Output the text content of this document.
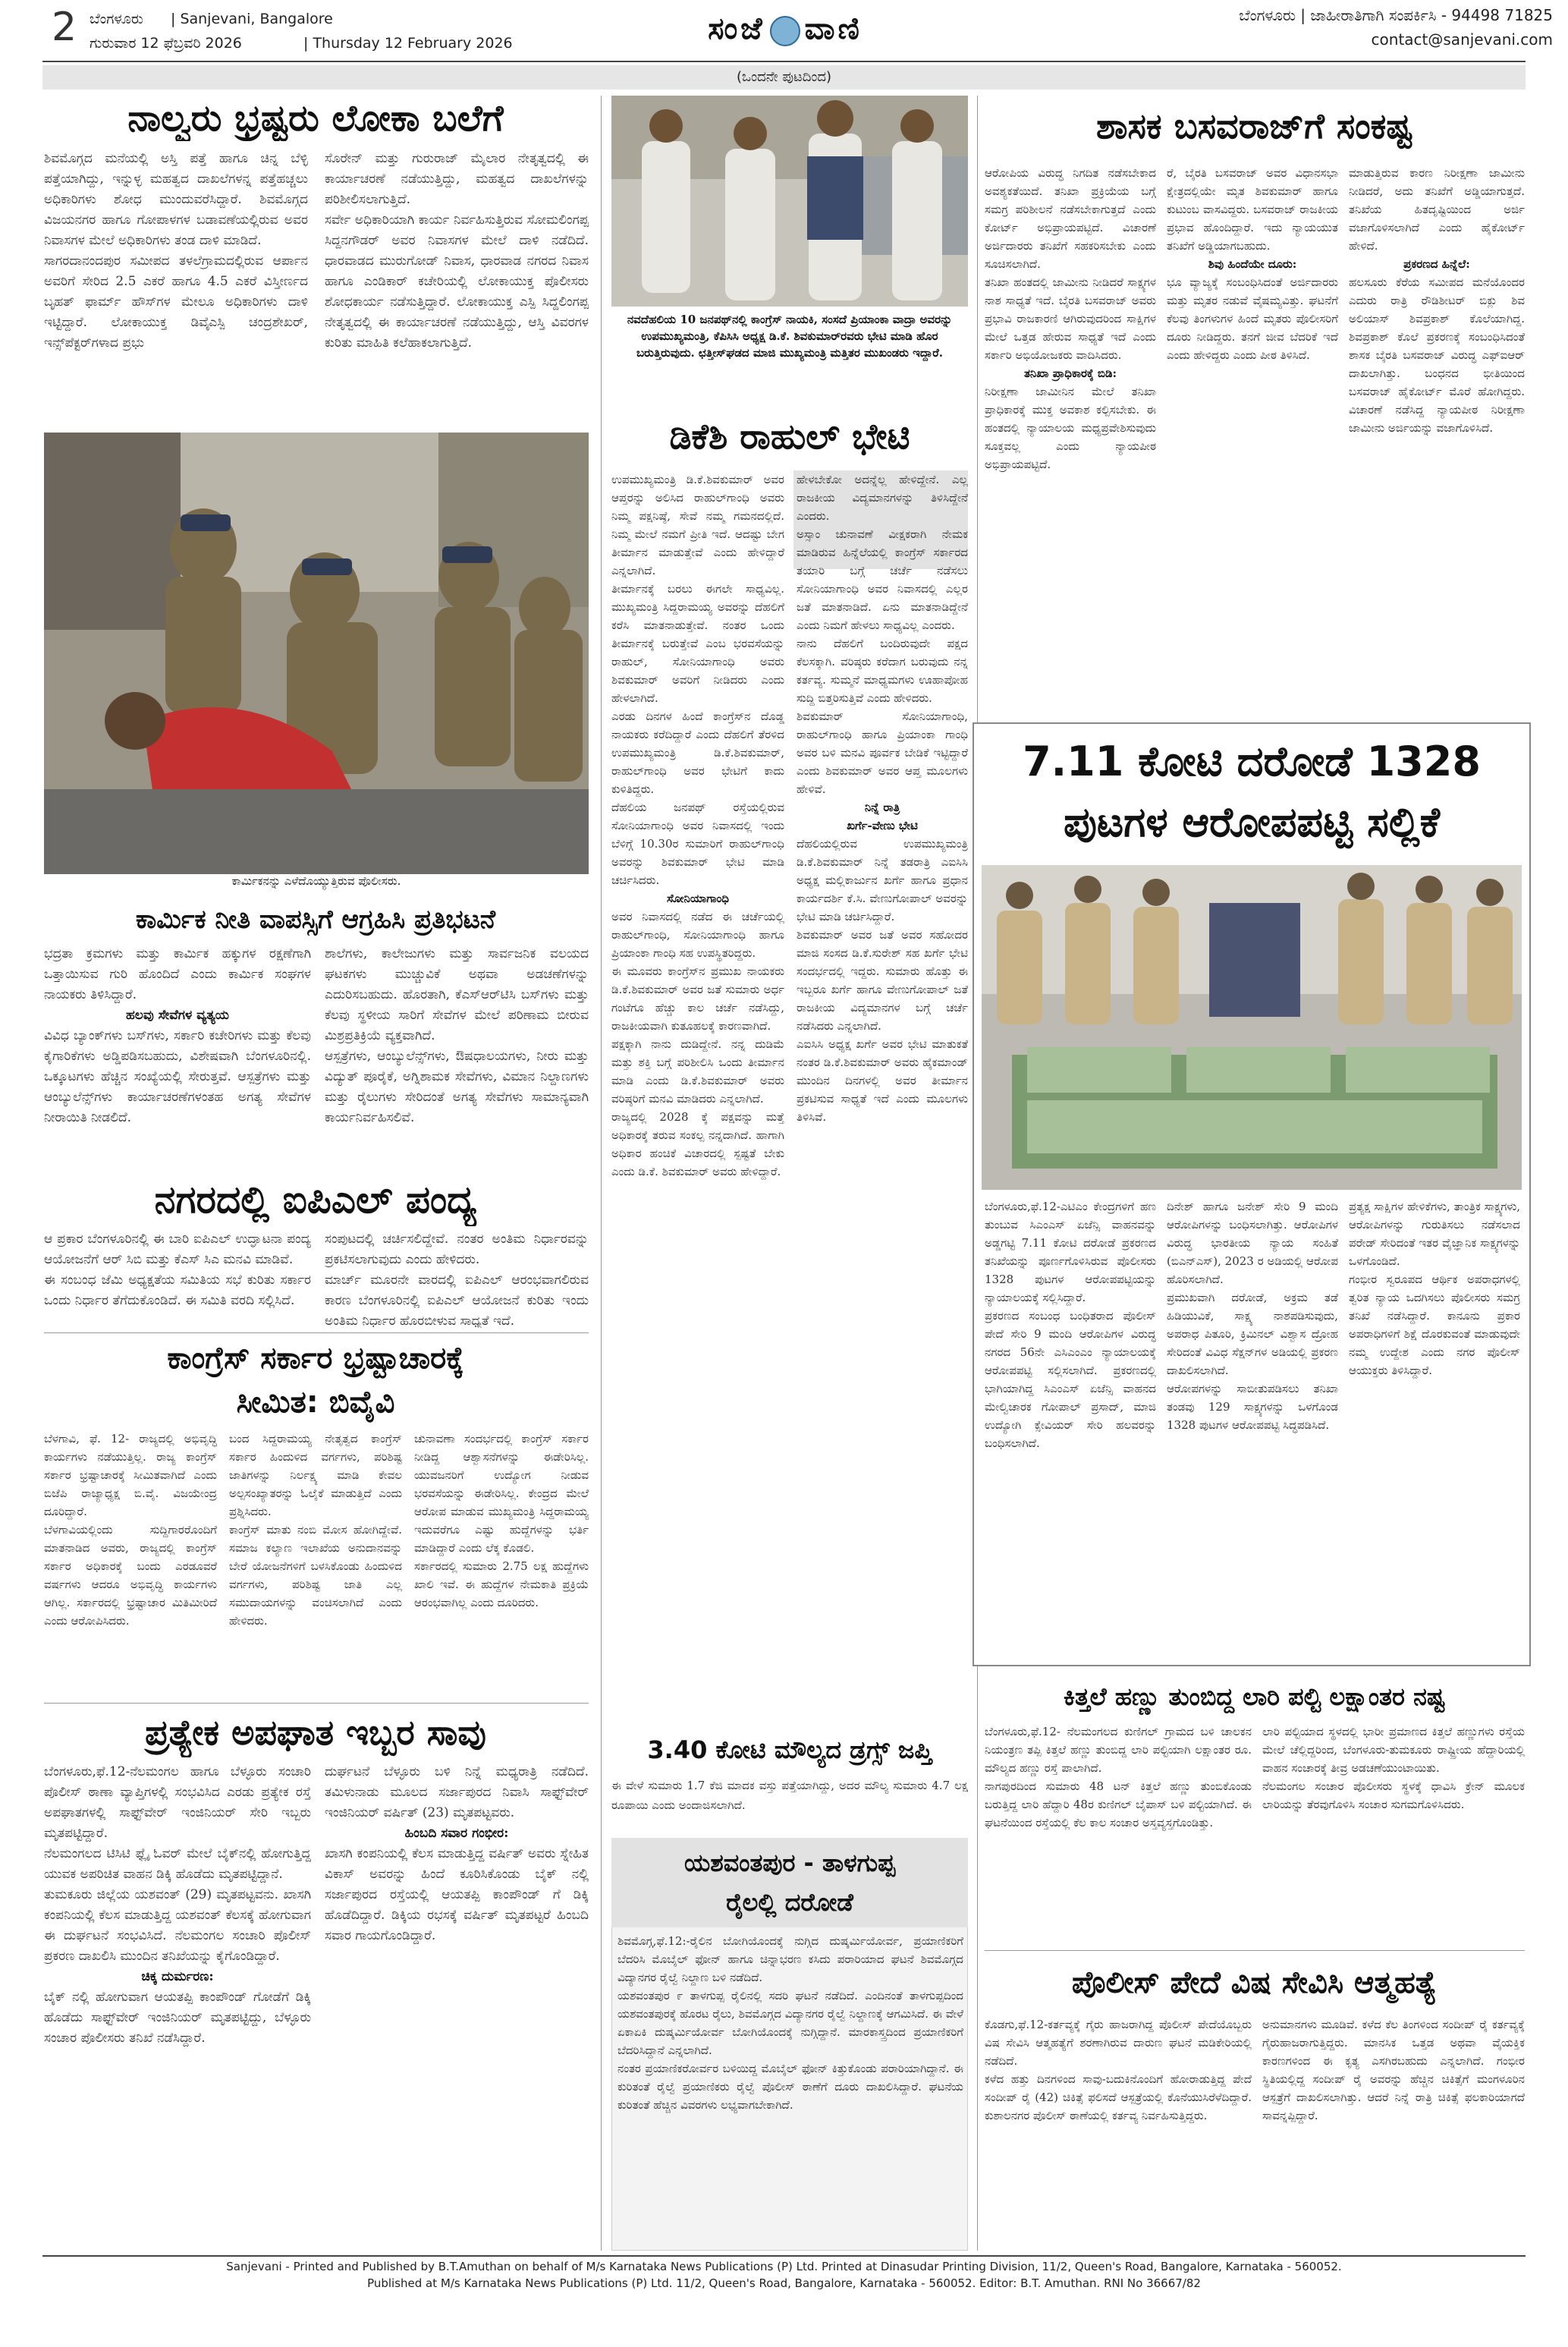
2 ಬೆಂಗಳೂರು | Sanjevani, Bangalore
ಗುರುವಾರ 12 ಫೆಬ್ರವರಿ 2026	| Thursday 12 February 2026	ಸಂಜೆ ವಾಣಿ	ಬೆಂಗಳೂರು | ಜಾಹೀರಾತಿಗಾಗಿ ಸಂಪರ್ಕಿಸಿ - 94498 71825
contact@sanjevani.com
(ಒಂದನೇ ಪುಟದಿಂದ)
ನಾಲ್ವರು ಭ್ರಷ್ಟರು ಲೋಕಾ ಬಲೆಗೆ

ಶಿವಮೊಗ್ಗದ ಮನೆಯಲ್ಲಿ ಅಸ್ತಿ ಪತ್ತೆ ಹಾಗೂ ಚಿನ್ನ ಬೆಳ್ಳಿ ಪತ್ತೆಯಾಗಿದ್ದು, ಇನ್ನುಳ್ಳ ಮಹತ್ವದ ದಾಖಲೆಗಳನ್ನ ಪತ್ತೆಹಚ್ಚಲು ಅಧಿಕಾರಿಗಳು ಶೋಧ ಮುಂದುವರೆಸಿದ್ದಾರೆ. ಶಿವಮೊಗ್ಗದ ವಿಜಯನಗರ ಹಾಗೂ ಗೋಪಾಳಗಳ ಬಡಾವಣೆಯಲ್ಲಿರುವ ಅವರ ನಿವಾಸಗಳ ಮೇಲೆ ಅಧಿಕಾರಿಗಳು ತಂಡ ದಾಳಿ ಮಾಡಿದೆ.

ಸಾಗರದಾನಂದಪುರ ಸಮೀಪದ ತಳಲೆಗ್ರಾಮದಲ್ಲಿರುವ ಆರ್ಪಾನ ಅವರಿಗೆ ಸೇರಿದ 2.5 ಎಕರೆ ಹಾಗೂ 4.5 ಎಕರೆ ವಿಸ್ತೀರ್ಣದ ಬೃಹತ್ ಫಾರ್ಮ್ ಹೌಸ್‌ಗಳ ಮೇಲೂ ಅಧಿಕಾರಿಗಳು ದಾಳಿ ಇಟ್ಟಿದ್ದಾರೆ. ಲೋಕಾಯುಕ್ತ ಡಿವೈಎಸ್ಪಿ ಚಂದ್ರಶೇಖರ್, ಇನ್ಸ್‌ಪೆಕ್ಟರ್‌ಗಳಾದ ಪ್ರಭು

ಸೊರೇನ್ ಮತ್ತು ಗುರುರಾಜ್ ಮೈಲಾರ ನೇತೃತ್ವದಲ್ಲಿ ಈ ಕಾರ್ಯಾಚರಣೆ ನಡೆಯುತ್ತಿದ್ದು, ಮಹತ್ವದ ದಾಖಲೆಗಳನ್ನು ಪರಿಶೀಲಿಸಲಾಗುತ್ತಿದೆ.

ಸರ್ವೇ ಅಧಿಕಾರಿಯಾಗಿ ಕಾರ್ಯ ನಿರ್ವಹಿಸುತ್ತಿರುವ ಸೋಮಲಿಂಗಪ್ಪ ಸಿದ್ದನಗೌಡರ್ ಅವರ ನಿವಾಸಗಳ ಮೇಲೆ ದಾಳಿ ನಡೆದಿದೆ. ಧಾರವಾಡದ ಮುರುಗೋಡ್ ನಿವಾಸ, ಧಾರವಾಡ ನಗರದ ನಿವಾಸ ಹಾಗೂ ಎಂಡಿಕಾರ್ ಕಚೇರಿಯಲ್ಲಿ ಲೋಕಾಯುಕ್ತ ಪೊಲೀಸರು ಶೋಧಕಾರ್ಯ ನಡೆಸುತ್ತಿದ್ದಾರೆ. ಲೋಕಾಯುಕ್ತ ಎಸ್ಪಿ ಸಿದ್ದಲಿಂಗಪ್ಪ ನೇತೃತ್ವದಲ್ಲಿ ಈ ಕಾರ್ಯಾಚರಣೆ ನಡೆಯುತ್ತಿದ್ದು, ಆಸ್ತಿ ವಿವರಗಳ ಕುರಿತು ಮಾಹಿತಿ ಕಲೆಹಾಕಲಾಗುತ್ತಿದೆ.

ಕಾರ್ಮಿಕನನ್ನು ಎಳೆದೊಯ್ಯುತ್ತಿರುವ ಪೊಲೀಸರು.
ಕಾರ್ಮಿಕ ನೀತಿ ವಾಪಸ್ಸಿಗೆ ಆಗ್ರಹಿಸಿ ಪ್ರತಿಭಟನೆ

ಭದ್ರತಾ ಕ್ರಮಗಳು ಮತ್ತು ಕಾರ್ಮಿಕ ಹಕ್ಕುಗಳ ರಕ್ಷಣೆಗಾಗಿ ಒತ್ತಾಯಿಸುವ ಗುರಿ ಹೊಂದಿದೆ ಎಂದು ಕಾರ್ಮಿಕ ಸಂಘಗಳ ನಾಯಕರು ತಿಳಿಸಿದ್ದಾರೆ.

ಹಲವು ಸೇವೆಗಳ ವ್ಯತ್ಯಯ

ವಿವಿಧ ಬ್ಯಾಂಕ್‌ಗಳು ಬಸ್‌ಗಳು, ಸರ್ಕಾರಿ ಕಚೇರಿಗಳು ಮತ್ತು ಕೆಲವು ಕೈಗಾರಿಕೆಗಳು ಅಡ್ಡಿಪಡಿಸಬಹುದು, ವಿಶೇಷವಾಗಿ ಬೆಂಗಳೂರಿನಲ್ಲಿ. ಒಕ್ಕೂಟಗಳು ಹೆಚ್ಚಿನ ಸಂಖ್ಯೆಯಲ್ಲಿ ಸೇರುತ್ತವೆ. ಆಸ್ಪತ್ರೆಗಳು ಮತ್ತು ಆಂಬ್ಯುಲೆನ್ಸ್‌ಗಳು ಕಾರ್ಯಾಚರಣೆಗಳಂತಹ ಅಗತ್ಯ ಸೇವೆಗಳ ನೀರಾಯಿತಿ ನೀಡಲಿದೆ.

ಶಾಲೆಗಳು, ಕಾಲೇಜುಗಳು ಮತ್ತು ಸಾರ್ವಜನಿಕ ವಲಯದ ಘಟಕಗಳು ಮುಚ್ಚುವಿಕೆ ಅಥವಾ ಅಡಚಣೆಗಳನ್ನು ಎದುರಿಸಬಹುದು. ಹೊರತಾಗಿ, ಕೆಎಸ್‌ಆರ್‌ಟಿಸಿ ಬಸ್‌ಗಳು ಮತ್ತು ಕೆಲವು ಸ್ಥಳೀಯ ಸಾರಿಗೆ ಸೇವೆಗಳ ಮೇಲೆ ಪರಿಣಾಮ ಬೀರುವ ಮಿಶ್ರಪ್ರತಿಕ್ರಿಯೆ ವ್ಯಕ್ತವಾಗಿದೆ.

ಆಸ್ಪತ್ರೆಗಳು, ಆಂಬ್ಯುಲೆನ್ಸ್‌ಗಳು, ಔಷಧಾಲಯಗಳು, ನೀರು ಮತ್ತು ವಿದ್ಯುತ್ ಪೂರೈಕೆ, ಅಗ್ನಿಶಾಮಕ ಸೇವೆಗಳು, ವಿಮಾನ ನಿಲ್ದಾಣಗಳು ಮತ್ತು ರೈಲುಗಳು ಸೇರಿದಂತೆ ಅಗತ್ಯ ಸೇವೆಗಳು ಸಾಮಾನ್ಯವಾಗಿ ಕಾರ್ಯನಿರ್ವಹಿಸಲಿವೆ.

ನಗರದಲ್ಲಿ ಐಪಿಎಲ್ ಪಂದ್ಯ

ಆ ಪ್ರಕಾರ ಬೆಂಗಳೂರಿನಲ್ಲಿ ಈ ಬಾರಿ ಐಪಿಎಲ್ ಉದ್ಘಾಟನಾ ಪಂದ್ಯ ಆಯೋಜನೆಗೆ ಆರ್ ಸಿಬಿ ಮತ್ತು ಕೆಎಸ್ ಸಿಎ ಮನವಿ ಮಾಡಿವೆ.

ಈ ಸಂಬಂಧ ಜೆಮಿ ಅಧ್ಯಕ್ಷತೆಯ ಸಮಿತಿಯ ಸಭೆ ಕುರಿತು ಸರ್ಕಾರ ಒಂದು ನಿರ್ಧಾರ ತೆಗೆದುಕೊಂಡಿದೆ. ಈ ಸಮಿತಿ ವರದಿ ಸಲ್ಲಿಸಿದೆ.

ಸಂಪುಟದಲ್ಲಿ ಚರ್ಚಿಸಲಿದ್ದೇವೆ. ನಂತರ ಅಂತಿಮ ನಿರ್ಧಾರವನ್ನು ಪ್ರಕಟಿಸಲಾಗುವುದು ಎಂದು ಹೇಳಿದರು.

ಮಾರ್ಚ್ ಮೂರನೇ ವಾರದಲ್ಲಿ ಐಪಿಎಲ್ ಆರಂಭವಾಗಲಿರುವ ಕಾರಣ ಬೆಂಗಳೂರಿನಲ್ಲಿ ಐಪಿಎಲ್ ಆಯೋಜನೆ ಕುರಿತು ಇಂದು ಅಂತಿಮ ನಿರ್ಧಾರ ಹೊರಬೀಳುವ ಸಾಧ್ಯತೆ ಇದೆ.

ಕಾಂಗ್ರೆಸ್ ಸರ್ಕಾರ ಭ್ರಷ್ಟಾಚಾರಕ್ಕೆ
ಸೀಮಿತ: ಬಿವೈವಿ

ಬೆಳಗಾವಿ, ಫೆ. 12- ರಾಜ್ಯದಲ್ಲಿ ಅಭಿವೃದ್ಧಿ ಕಾರ್ಯಗಳು ನಡೆಯುತ್ತಿಲ್ಲ. ರಾಜ್ಯ ಕಾಂಗ್ರೆಸ್ ಸರ್ಕಾರ ಭ್ರಷ್ಟಾಚಾರಕ್ಕೆ ಸೀಮಿತವಾಗಿದೆ ಎಂದು ಬಿಜೆಪಿ ರಾಜ್ಯಾಧ್ಯಕ್ಷ ಬಿ.ವೈ. ವಿಜಯೇಂದ್ರ ದೂರಿದ್ದಾರೆ.

ಬೆಳಗಾವಿಯಲ್ಲಿಂದು ಸುದ್ದಿಗಾರರೊಂದಿಗೆ ಮಾತನಾಡಿದ ಅವರು, ರಾಜ್ಯದಲ್ಲಿ ಕಾಂಗ್ರೆಸ್ ಸರ್ಕಾರ ಅಧಿಕಾರಕ್ಕೆ ಬಂದು ಎರಡೂವರೆ ವರ್ಷಗಳು ಆದರೂ ಅಭಿವೃದ್ಧಿ ಕಾರ್ಯಗಳು ಆಗಿಲ್ಲ. ಸರ್ಕಾರದಲ್ಲಿ ಭ್ರಷ್ಟಾಚಾರ ಮಿತಿಮೀರಿದೆ ಎಂದು ಆರೋಪಿಸಿದರು.

ಬಂದ ಸಿದ್ದರಾಮಯ್ಯ ನೇತೃತ್ವದ ಕಾಂಗ್ರೆಸ್ ಸರ್ಕಾರ ಹಿಂದುಳಿದ ವರ್ಗಗಳು, ಪರಿಶಿಷ್ಟ ಜಾತಿಗಳನ್ನು ನಿರ್ಲಕ್ಷ್ಯ ಮಾಡಿ ಕೇವಲ ಅಲ್ಪಸಂಖ್ಯಾತರನ್ನು ಓಲೈಕೆ ಮಾಡುತ್ತಿದೆ ಎಂದು ಪ್ರಶ್ನಿಸಿದರು.

ಕಾಂಗ್ರೆಸ್ ಮಾತು ನಂಬಿ ಮೋಸ ಹೋಗಿದ್ದೇವೆ. ಸಮಾಜ ಕಲ್ಯಾಣ ಇಲಾಖೆಯ ಅನುದಾನವನ್ನು ಬೇರೆ ಯೋಜನೆಗಳಿಗೆ ಬಳಸಿಕೊಂಡು ಹಿಂದುಳಿದ ವರ್ಗಗಳು, ಪರಿಶಿಷ್ಟ ಜಾತಿ ಎಲ್ಲ ಸಮುದಾಯಗಳನ್ನು ವಂಚಿಸಲಾಗಿದೆ ಎಂದು ಹೇಳಿದರು.

ಚುನಾವಣಾ ಸಂದರ್ಭದಲ್ಲಿ ಕಾಂಗ್ರೆಸ್ ಸರ್ಕಾರ ನೀಡಿದ್ದ ಆಶ್ವಾಸನೆಗಳನ್ನು ಈಡೇರಿಸಿಲ್ಲ. ಯುವಜನರಿಗೆ ಉದ್ಯೋಗ ನೀಡುವ ಭರವಸೆಯನ್ನು ಈಡೇರಿಸಿಲ್ಲ. ಕೇಂದ್ರದ ಮೇಲೆ ಆರೋಪ ಮಾಡುವ ಮುಖ್ಯಮಂತ್ರಿ ಸಿದ್ದರಾಮಯ್ಯ ಇದುವರೆಗೂ ಎಷ್ಟು ಹುದ್ದೆಗಳನ್ನು ಭರ್ತಿ ಮಾಡಿದ್ದಾರೆ ಎಂದು ಲೆಕ್ಕ ಕೊಡಲಿ.

ಸರ್ಕಾರದಲ್ಲಿ ಸುಮಾರು 2.75 ಲಕ್ಷ ಹುದ್ದೆಗಳು ಖಾಲಿ ಇವೆ. ಈ ಹುದ್ದೆಗಳ ನೇಮಕಾತಿ ಪ್ರಕ್ರಿಯೆ ಆರಂಭವಾಗಿಲ್ಲ ಎಂದು ದೂರಿದರು.

ಪ್ರತ್ಯೇಕ ಅಪಘಾತ ಇಬ್ಬರ ಸಾವು

ಬೆಂಗಳೂರು,ಫೆ.12-ನೆಲಮಂಗಲ ಹಾಗೂ ಬೆಳ್ಳೂರು ಸಂಚಾರಿ ಪೊಲೀಸ್ ಠಾಣಾ ವ್ಯಾಪ್ತಿಗಳಲ್ಲಿ ಸಂಭವಿಸಿದ ಎರಡು ಪ್ರತ್ಯೇಕ ರಸ್ತೆ ಅಪಘಾತಗಳಲ್ಲಿ ಸಾಫ್ಟ್‌ವೇರ್ ಇಂಜಿನಿಯರ್ ಸೇರಿ ಇಬ್ಬರು ಮೃತಪಟ್ಟಿದ್ದಾರೆ.

ನೆಲಮಂಗಲದ ಟಿಸಿಟಿ ಫ್ಲೈ ಓವರ್ ಮೇಲೆ ಬೈಕ್‌ನಲ್ಲಿ ಹೋಗುತ್ತಿದ್ದ ಯುವಕ ಅಪರಿಚಿತ ವಾಹನ ಡಿಕ್ಕಿ ಹೊಡೆದು ಮೃತಪಟ್ಟಿದ್ದಾನೆ.

ತುಮಕೂರು ಜಿಲ್ಲೆಯ ಯಶವಂತ್ (29) ಮೃತಪಟ್ಟವನು. ಖಾಸಗಿ ಕಂಪನಿಯಲ್ಲಿ ಕೆಲಸ ಮಾಡುತ್ತಿದ್ದ ಯಶವಂತ್ ಕೆಲಸಕ್ಕೆ ಹೋಗುವಾಗ ಈ ದುರ್ಘಟನೆ ಸಂಭವಿಸಿದೆ. ನೆಲಮಂಗಲ ಸಂಚಾರಿ ಪೊಲೀಸ್ ಪ್ರಕರಣ ದಾಖಲಿಸಿ ಮುಂದಿನ ತನಿಖೆಯನ್ನು ಕೈಗೊಂಡಿದ್ದಾರೆ.

ಚಿಕ್ಕ ದುರ್ಮರಣ:

ಬೈಕ್ ನಲ್ಲಿ ಹೋಗುವಾಗ ಆಯತಪ್ಪಿ ಕಾಂಪೌಂಡ್ ಗೋಡೆಗೆ ಡಿಕ್ಕಿ ಹೊಡೆದು ಸಾಫ್ಟ್‌ವೇರ್ ಇಂಜಿನಿಯರ್ ಮೃತಪಟ್ಟಿದ್ದು, ಬೆಳ್ಳೂರು ಸಂಚಾರ ಪೊಲೀಸರು ತನಿಖೆ ನಡೆಸಿದ್ದಾರೆ.

ದುರ್ಘಟನೆ ಬೆಳ್ಳೂರು ಬಳಿ ನಿನ್ನೆ ಮಧ್ಯರಾತ್ರಿ ನಡೆದಿದೆ. ತಮಿಳುನಾಡು ಮೂಲದ ಸರ್ಜಾಪುರದ ನಿವಾಸಿ ಸಾಫ್ಟ್‌ವೇರ್ ಇಂಜಿನಿಯರ್ ವರ್ಷಿತ್ (23) ಮೃತಪಟ್ಟವರು.

ಹಿಂಬದಿ ಸವಾರ ಗಂಭೀರ:

ಖಾಸಗಿ ಕಂಪನಿಯಲ್ಲಿ ಕೆಲಸ ಮಾಡುತ್ತಿದ್ದ ವರ್ಷಿತ್ ಅವರು ಸ್ನೇಹಿತ ವಿಕಾಸ್ ಅವರನ್ನು ಹಿಂದೆ ಕೂರಿಸಿಕೊಂಡು ಬೈಕ್ ನಲ್ಲಿ ಸರ್ಜಾಪುರದ ರಸ್ತೆಯಲ್ಲಿ ಆಯತಪ್ಪಿ ಕಾಂಪೌಂಡ್ ಗೆ ಡಿಕ್ಕಿ ಹೊಡೆದಿದ್ದಾರೆ. ಡಿಕ್ಕಿಯ ರಭಸಕ್ಕೆ ವರ್ಷಿತ್ ಮೃತಪಟ್ಟರೆ ಹಿಂಬದಿ ಸವಾರ ಗಾಯಗೊಂಡಿದ್ದಾರೆ.

ನವದೆಹಲಿಯ 10 ಜನಪಥ್‌ನಲ್ಲಿ ಕಾಂಗ್ರೆಸ್ ನಾಯಕಿ, ಸಂಸದೆ ಪ್ರಿಯಾಂಕಾ ವಾದ್ರಾ ಅವರನ್ನು ಉಪಮುಖ್ಯಮಂತ್ರಿ, ಕೆಪಿಸಿಸಿ ಅಧ್ಯಕ್ಷ ಡಿ.ಕೆ. ಶಿವಕುಮಾರ್‌ರವರು ಭೇಟಿ ಮಾಡಿ ಹೊರ ಬರುತ್ತಿರುವುದು. ಛತ್ತೀಸ್‌ಘಡದ ಮಾಜಿ ಮುಖ್ಯಮಂತ್ರಿ ಮತ್ತಿತರ ಮುಖಂಡರು ಇದ್ದಾರೆ.
ಡಿಕೆಶಿ ರಾಹುಲ್ ಭೇಟಿ

ಉಪಮುಖ್ಯಮಂತ್ರಿ ಡಿ.ಕೆ.ಶಿವಕುಮಾರ್ ಅವರ ಆಪ್ತರನ್ನು ಅಲಿಸಿದ ರಾಹುಲ್‌ಗಾಂಧಿ ಅವರು ನಿಮ್ಮ ಪಕ್ಷನಿಷ್ಠೆ, ಸೇವೆ ನಮ್ಮ ಗಮನದಲ್ಲಿದೆ. ನಿಮ್ಮ ಮೇಲೆ ನಮಗೆ ಪ್ರೀತಿ ಇದೆ. ಆದಷ್ಟು ಬೇಗ ತೀರ್ಮಾನ ಮಾಡುತ್ತೇವೆ ಎಂದು ಹೇಳಿದ್ದಾರೆ ಎನ್ನಲಾಗಿದೆ.

ತೀರ್ಮಾನಕ್ಕೆ ಬರಲು ಈಗಲೇ ಸಾಧ್ಯವಿಲ್ಲ. ಮುಖ್ಯಮಂತ್ರಿ ಸಿದ್ದರಾಮಯ್ಯ ಅವರನ್ನು ದೆಹಲಿಗೆ ಕರೆಸಿ ಮಾತನಾಡುತ್ತೇವೆ. ನಂತರ ಒಂದು ತೀರ್ಮಾನಕ್ಕೆ ಬರುತ್ತೇವೆ ಎಂಬ ಭರವಸೆಯನ್ನು ರಾಹುಲ್, ಸೋನಿಯಾಗಾಂಧಿ ಅವರು ಶಿವಕುಮಾರ್ ಅವರಿಗೆ ನೀಡಿದರು ಎಂದು ಹೇಳಲಾಗಿದೆ.

ಎರಡು ದಿನಗಳ ಹಿಂದೆ ಕಾಂಗ್ರೆಸ್‌ನ ದೊಡ್ಡ ನಾಯಕರು ಕರೆದಿದ್ದಾರೆ ಎಂದು ದೆಹಲಿಗೆ ತೆರಳಿದ ಉಪಮುಖ್ಯಮಂತ್ರಿ ಡಿ.ಕೆ.ಶಿವಕುಮಾರ್, ರಾಹುಲ್‌ಗಾಂಧಿ ಅವರ ಭೇಟಿಗೆ ಕಾದು ಕುಳಿತಿದ್ದರು.

ದೆಹಲಿಯ ಜನಪಥ್ ರಸ್ತೆಯಲ್ಲಿರುವ ಸೋನಿಯಾಗಾಂಧಿ ಅವರ ನಿವಾಸದಲ್ಲಿ ಇಂದು ಬೆಳಿಗ್ಗೆ 10.30ರ ಸುಮಾರಿಗೆ ರಾಹುಲ್‌ಗಾಂಧಿ ಅವರನ್ನು ಶಿವಕುಮಾರ್ ಭೇಟಿ ಮಾಡಿ ಚರ್ಚಿಸಿದರು.

ಸೋನಿಯಾಗಾಂಧಿ

ಅವರ ನಿವಾಸದಲ್ಲಿ ನಡೆದ ಈ ಚರ್ಚೆಯಲ್ಲಿ ರಾಹುಲ್‌ಗಾಂಧಿ, ಸೋನಿಯಾಗಾಂಧಿ ಹಾಗೂ ಪ್ರಿಯಾಂಕಾ ಗಾಂಧಿ ಸಹ ಉಪಸ್ಥಿತರಿದ್ದರು.

ಈ ಮೂವರು ಕಾಂಗ್ರೆಸ್‌ನ ಪ್ರಮುಖ ನಾಯಕರು ಡಿ.ಕೆ.ಶಿವಕುಮಾರ್ ಅವರ ಜತೆ ಸುಮಾರು ಅರ್ಧ ಗಂಟೆಗೂ ಹೆಚ್ಚು ಕಾಲ ಚರ್ಚೆ ನಡೆಸಿದ್ದು, ರಾಜಕೀಯವಾಗಿ ಕುತೂಹಲಕ್ಕೆ ಕಾರಣವಾಗಿದೆ.

ಪಕ್ಷಕ್ಕಾಗಿ ನಾನು ದುಡಿದ್ದೇನೆ. ನನ್ನ ದುಡಿಮೆ ಮತ್ತು ಶಕ್ತಿ ಬಗ್ಗೆ ಪರಿಶೀಲಿಸಿ ಒಂದು ತೀರ್ಮಾನ ಮಾಡಿ ಎಂದು ಡಿ.ಕೆ.ಶಿವಕುಮಾರ್ ಅವರು ವರಿಷ್ಠರಿಗೆ ಮನವಿ ಮಾಡಿದರು ಎನ್ನಲಾಗಿದೆ.

ರಾಜ್ಯದಲ್ಲಿ 2028 ಕ್ಕೆ ಪಕ್ಷವನ್ನು ಮತ್ತೆ ಅಧಿಕಾರಕ್ಕೆ ತರುವ ಸಂಕಲ್ಪ ನನ್ನದಾಗಿದೆ. ಹಾಗಾಗಿ ಅಧಿಕಾರ ಹಂಚಿಕೆ ವಿಚಾರದಲ್ಲಿ ಸ್ಪಷ್ಟತೆ ಬೇಕು ಎಂದು ಡಿ.ಕೆ. ಶಿವಕುಮಾರ್ ಅವರು ಹೇಳಿದ್ದಾರೆ.

ಹೇಳಬೇಕೋ ಅದನ್ನೆಲ್ಲ ಹೇಳಿದ್ದೇನೆ. ಎಲ್ಲ ರಾಜಕೀಯ ವಿದ್ಯಮಾನಗಳನ್ನು ತಿಳಿಸಿದ್ದೇನೆ ಎಂದರು.

ಅಸ್ಸಾಂ ಚುನಾವಣೆ ವೀಕ್ಷಕರಾಗಿ ನೇಮಕ ಮಾಡಿರುವ ಹಿನ್ನೆಲೆಯಲ್ಲಿ ಕಾಂಗ್ರೆಸ್ ಸರ್ಕಾರದ ತಯಾರಿ ಬಗ್ಗೆ ಚರ್ಚೆ ನಡೆಸಲು ಸೋನಿಯಾಗಾಂಧಿ ಅವರ ನಿವಾಸದಲ್ಲಿ ಎಲ್ಲರ ಜತೆ ಮಾತನಾಡಿದೆ. ಏನು ಮಾತನಾಡಿದ್ದೇನೆ ಎಂದು ನಿಮಗೆ ಹೇಳಲು ಸಾಧ್ಯವಿಲ್ಲ ಎಂದರು.

ನಾನು ದೆಹಲಿಗೆ ಬಂದಿರುವುದೇ ಪಕ್ಷದ ಕೆಲಸಕ್ಕಾಗಿ. ವರಿಷ್ಠರು ಕರೆದಾಗ ಬರುವುದು ನನ್ನ ಕರ್ತವ್ಯ. ಸುಮ್ಮನೆ ಮಾಧ್ಯಮಗಳು ಊಹಾಪೋಹ ಸುದ್ದಿ ಬಿತ್ತರಿಸುತ್ತಿವೆ ಎಂದು ಹೇಳಿದರು.

ಶಿವಕುಮಾರ್ ಸೋನಿಯಾಗಾಂಧಿ, ರಾಹುಲ್‌ಗಾಂಧಿ ಹಾಗೂ ಪ್ರಿಯಾಂಕಾ ಗಾಂಧಿ ಅವರ ಬಳಿ ಮನವಿ ಪೂರ್ವಕ ಬೇಡಿಕೆ ಇಟ್ಟಿದ್ದಾರೆ ಎಂದು ಶಿವಕುಮಾರ್ ಅವರ ಆಪ್ತ ಮೂಲಗಳು ಹೇಳಿವೆ.

ನಿನ್ನೆ ರಾತ್ರಿ
ಖರ್ಗೆ-ವೇಣು ಭೇಟಿ

ದೆಹಲಿಯಲ್ಲಿರುವ ಉಪಮುಖ್ಯಮಂತ್ರಿ ಡಿ.ಕೆ.ಶಿವಕುಮಾರ್ ನಿನ್ನೆ ತಡರಾತ್ರಿ ಎಐಸಿಸಿ ಅಧ್ಯಕ್ಷ ಮಲ್ಲಿಕಾರ್ಜುನ ಖರ್ಗೆ ಹಾಗೂ ಪ್ರಧಾನ ಕಾರ್ಯದರ್ಶಿ ಕೆ.ಸಿ. ವೇಣುಗೋಪಾಲ್ ಅವರನ್ನು ಭೇಟಿ ಮಾಡಿ ಚರ್ಚಿಸಿದ್ದಾರೆ.

ಶಿವಕುಮಾರ್ ಅವರ ಜತೆ ಅವರ ಸಹೋದರ ಮಾಜಿ ಸಂಸದ ಡಿ.ಕೆ.ಸುರೇಶ್ ಸಹ ಖರ್ಗೆ ಭೇಟಿ ಸಂದರ್ಭದಲ್ಲಿ ಇದ್ದರು. ಸುಮಾರು ಹೊತ್ತು ಈ ಇಬ್ಬರೂ ಖರ್ಗೆ ಹಾಗೂ ವೇಣುಗೋಪಾಲ್ ಜತೆ ರಾಜಕೀಯ ವಿದ್ಯಮಾನಗಳ ಬಗ್ಗೆ ಚರ್ಚೆ ನಡೆಸಿದರು ಎನ್ನಲಾಗಿದೆ.

ಎಐಸಿಸಿ ಅಧ್ಯಕ್ಷ ಖರ್ಗೆ ಅವರ ಭೇಟಿ ಮಾತುಕತೆ ನಂತರ ಡಿ.ಕೆ.ಶಿವಕುಮಾರ್ ಅವರು ಹೈಕಮಾಂಡ್ ಮುಂದಿನ ದಿನಗಳಲ್ಲಿ ಅವರ ತೀರ್ಮಾನ ಪ್ರಕಟಿಸುವ ಸಾಧ್ಯತೆ ಇದೆ ಎಂದು ಮೂಲಗಳು ತಿಳಿಸಿವೆ.

3.40 ಕೋಟಿ ಮೌಲ್ಯದ ಡ್ರಗ್ಸ್ ಜಪ್ತಿ
ಈ ವೇಳೆ ಸುಮಾರು 1.7 ಕೆಜಿ ಮಾದಕ ವಸ್ತು ಪತ್ತೆಯಾಗಿದ್ದು, ಅದರ ಮೌಲ್ಯ ಸುಮಾರು 4.7 ಲಕ್ಷ ರೂಪಾಯಿ ಎಂದು ಅಂದಾಜಿಸಲಾಗಿದೆ.
ಯಶವಂತಪುರ - ತಾಳಗುಪ್ಪ
ರೈಲಲ್ಲಿ ದರೋಡೆ

ಶಿವಮೊಗ್ಗ,ಫೆ.12:-ರೈಲಿನ ಬೋಗಿಯೊಂದಕ್ಕೆ ನುಗ್ಗಿದ ದುಷ್ಕರ್ಮಿಯೋರ್ವ, ಪ್ರಯಾಣಿಕರಿಗೆ ಬೆದರಿಸಿ ಮೊಬೈಲ್ ಫೋನ್ ಹಾಗೂ ಚಿನ್ನಾಭರಣ ಕಸಿದು ಪರಾರಿಯಾದ ಘಟನೆ ಶಿವಮೊಗ್ಗದ ವಿದ್ಯಾನಗರ ರೈಲ್ವೆ ನಿಲ್ದಾಣ ಬಳಿ ನಡೆದಿದೆ.

ಯಶವಂತಪುರ ೯ ತಾಳಗುಪ್ಪ ರೈಲಿನಲ್ಲಿ ಸದರಿ ಘಟನೆ ನಡೆದಿದೆ. ಎಂದಿನಂತೆ ತಾಳಗುಪ್ಪದಿಂದ ಯಶವಂತಪುರಕ್ಕೆ ಹೊರಟ ರೈಲು, ಶಿವಮೊಗ್ಗದ ವಿದ್ಯಾನಗರ ರೈಲ್ವೆ ನಿಲ್ದಾಣಕ್ಕೆ ಆಗಮಿಸಿದೆ. ಈ ವೇಳೆ ಏಕಾಏಕಿ ದುಷ್ಕರ್ಮಿಯೋರ್ವ ಬೋಗಿಯೊಂದಕ್ಕೆ ನುಗ್ಗಿದ್ದಾನೆ. ಮಾರಕಾಸ್ತ್ರದಿಂದ ಪ್ರಯಾಣಿಕರಿಗೆ ಬೆದರಿಸಿದ್ದಾನೆ ಎನ್ನಲಾಗಿದೆ.

ನಂತರ ಪ್ರಯಾಣಿಕರೋರ್ವರ ಬಳಿಯಿದ್ದ ಮೊಬೈಲ್ ಫೋನ್ ಕಿತ್ತುಕೊಂಡು ಪರಾರಿಯಾಗಿದ್ದಾನೆ. ಈ ಕುರಿತಂತೆ ರೈಲ್ವೆ ಪ್ರಯಾಣಿಕರು ರೈಲ್ವೆ ಪೊಲೀಸ್ ಠಾಣೆಗೆ ದೂರು ದಾಖಲಿಸಿದ್ದಾರೆ. ಘಟನೆಯ ಕುರಿತಂತೆ ಹೆಚ್ಚಿನ ವಿವರಗಳು ಲಭ್ಯವಾಗಬೇಕಾಗಿದೆ.

ಶಾಸಕ ಬಸವರಾಜ್‌ಗೆ ಸಂಕಷ್ಟ

ಆರೋಪಿಯ ವಿರುದ್ಧ ನಿಗದಿತ ನಡೆಸಬೇಕಾದ ಅವಶ್ಯಕತೆಯಿದೆ. ತನಿಖಾ ಪ್ರಕ್ರಿಯೆಯ ಬಗ್ಗೆ ಸಮಗ್ರ ಪರಿಶೀಲನೆ ನಡೆಸಬೇಕಾಗುತ್ತದೆ ಎಂದು ಕೋರ್ಟ್ ಅಭಿಪ್ರಾಯಪಟ್ಟಿದೆ. ವಿಚಾರಣೆ ಅರ್ಜಿದಾರರು ತನಿಖೆಗೆ ಸಹಕರಿಸಬೇಕು ಎಂದು ಸೂಚಿಸಲಾಗಿದೆ.

ತನಿಖಾ ಹಂತದಲ್ಲಿ ಜಾಮೀನು ನೀಡಿದರೆ ಸಾಕ್ಷ್ಯಗಳ ನಾಶ ಸಾಧ್ಯತೆ ಇದೆ. ಬೈರತಿ ಬಸವರಾಜ್ ಅವರು ಪ್ರಭಾವಿ ರಾಜಕಾರಣಿ ಆಗಿರುವುದರಿಂದ ಸಾಕ್ಷಿಗಳ ಮೇಲೆ ಒತ್ತಡ ಹೇರುವ ಸಾಧ್ಯತೆ ಇದೆ ಎಂದು ಸರ್ಕಾರಿ ಅಭಿಯೋಜಕರು ವಾದಿಸಿದರು.

ತನಿಖಾ ಪ್ರಾಧಿಕಾರಕ್ಕೆ ಬಿಡಿ:

ನಿರೀಕ್ಷಣಾ ಜಾಮೀನಿನ ಮೇಲೆ ತನಿಖಾ ಪ್ರಾಧಿಕಾರಕ್ಕೆ ಮುಕ್ತ ಅವಕಾಶ ಕಲ್ಪಿಸಬೇಕು. ಈ ಹಂತದಲ್ಲಿ ನ್ಯಾಯಾಲಯ ಮಧ್ಯಪ್ರವೇಶಿಸುವುದು ಸೂಕ್ತವಲ್ಲ ಎಂದು ನ್ಯಾಯಪೀಠ ಅಭಿಪ್ರಾಯಪಟ್ಟಿದೆ.

ರೆ, ಬೈರತಿ ಬಸವರಾಜ್ ಅವರ ವಿಧಾನಸಭಾ ಕ್ಷೇತ್ರದಲ್ಲಿಯೇ ಮೃತ ಶಿವಕುಮಾರ್ ಹಾಗೂ ಕುಟುಂಬ ವಾಸವಿದ್ದರು. ಬಸವರಾಜ್ ರಾಜಕೀಯ ಪ್ರಭಾವ ಹೊಂದಿದ್ದಾರೆ. ಇದು ನ್ಯಾಯಯುತ ತನಿಖೆಗೆ ಅಡ್ಡಿಯಾಗಬಹುದು.

ಶಿವು ಹಿಂದೆಯೇ ದೂರು:

ಭೂ ವ್ಯಾಜ್ಯಕ್ಕೆ ಸಂಬಂಧಿಸಿದಂತೆ ಅರ್ಜಿದಾರರು ಮತ್ತು ಮೃತರ ನಡುವೆ ವೈಷಮ್ಯವಿತ್ತು. ಘಟನೆಗೆ ಕೆಲವು ತಿಂಗಳುಗಳ ಹಿಂದೆ ಮೃತರು ಪೊಲೀಸರಿಗೆ ದೂರು ನೀಡಿದ್ದರು. ತನಗೆ ಜೀವ ಬೆದರಿಕೆ ಇದೆ ಎಂದು ಹೇಳಿದ್ದರು ಎಂದು ಪೀಠ ತಿಳಿಸಿದೆ.

ಮಾಡುತ್ತಿರುವ ಕಾರಣ ನಿರೀಕ್ಷಣಾ ಜಾಮೀನು ನೀಡಿದರೆ, ಅದು ತನಿಖೆಗೆ ಅಡ್ಡಿಯಾಗುತ್ತದೆ. ತನಿಖೆಯ ಹಿತದೃಷ್ಟಿಯಿಂದ ಅರ್ಜಿ ವಜಾಗೊಳಿಸಲಾಗಿದೆ ಎಂದು ಹೈಕೋರ್ಟ್ ಹೇಳಿದೆ.

ಪ್ರಕರಣದ ಹಿನ್ನೆಲೆ:

ಹಲಸೂರು ಕೆರೆಯ ಸಮೀಪದ ಮನೆಯೊಂದರ ಎದುರು ರಾತ್ರಿ ರೌಡಿಶೀಟರ್ ಬಿಕ್ಲು ಶಿವ ಅಲಿಯಾಸ್ ಶಿವಪ್ರಕಾಶ್ ಕೊಲೆಯಾಗಿದ್ದ. ಶಿವಪ್ರಕಾಶ್ ಕೊಲೆ ಪ್ರಕರಣಕ್ಕೆ ಸಂಬಂಧಿಸಿದಂತೆ ಶಾಸಕ ಬೈರತಿ ಬಸವರಾಜ್ ವಿರುದ್ಧ ಎಫ್‌ಐಆರ್ ದಾಖಲಾಗಿತ್ತು. ಬಂಧನದ ಭೀತಿಯಿಂದ ಬಸವರಾಜ್ ಹೈಕೋರ್ಟ್ ಮೊರೆ ಹೋಗಿದ್ದರು. ವಿಚಾರಣೆ ನಡೆಸಿದ್ದ ನ್ಯಾಯಪೀಠ ನಿರೀಕ್ಷಣಾ ಜಾಮೀನು ಅರ್ಜಿಯನ್ನು ವಜಾಗೊಳಿಸಿದೆ.

7.11 ಕೋಟಿ ದರೋಡೆ 1328
ಪುಟಗಳ ಆರೋಪಪಟ್ಟಿ ಸಲ್ಲಿಕೆ

ಬೆಂಗಳೂರು,ಫೆ.12-ಎಟಿಎಂ ಕೇಂದ್ರಗಳಿಗೆ ಹಣ ತುಂಬುವ ಸಿಎಂಎಸ್ ಏಜೆನ್ಸಿ ವಾಹನವನ್ನು ಅಡ್ಡಗಟ್ಟಿ 7.11 ಕೋಟಿ ದರೋಡೆ ಪ್ರಕರಣದ ತನಿಖೆಯನ್ನು ಪೂರ್ಣಗೊಳಿಸಿರುವ ಪೊಲೀಸರು 1328 ಪುಟಗಳ ಆರೋಪಪಟ್ಟಿಯನ್ನು ನ್ಯಾಯಾಲಯಕ್ಕೆ ಸಲ್ಲಿಸಿದ್ದಾರೆ.

ಪ್ರಕರಣದ ಸಂಬಂಧ ಬಂಧಿತರಾದ ಪೊಲೀಸ್ ಪೇದೆ ಸೇರಿ 9 ಮಂದಿ ಆರೋಪಿಗಳ ವಿರುದ್ಧ ನಗರದ 56ನೇ ಎಸಿಎಂಎಂ ನ್ಯಾಯಾಲಯಕ್ಕೆ ಆರೋಪಪಟ್ಟಿ ಸಲ್ಲಿಸಲಾಗಿದೆ. ಪ್ರಕರಣದಲ್ಲಿ ಭಾಗಿಯಾಗಿದ್ದ ಸಿಎಂಎಸ್ ಏಜೆನ್ಸಿ ವಾಹನದ ಮೇಲ್ವಿಚಾರಕ ಗೋಪಾಲ್ ಪ್ರಸಾದ್, ಮಾಜಿ ಉದ್ಯೋಗಿ ಕ್ಸೇವಿಯರ್ ಸೇರಿ ಹಲವರನ್ನು ಬಂಧಿಸಲಾಗಿದೆ.

ದಿನೇಶ್ ಹಾಗೂ ಜನೇಶ್ ಸೇರಿ 9 ಮಂದಿ ಆರೋಪಿಗಳನ್ನು ಬಂಧಿಸಲಾಗಿತ್ತು. ಆರೋಪಿಗಳ ವಿರುದ್ಧ ಭಾರತೀಯ ನ್ಯಾಯ ಸಂಹಿತೆ (ಬಿಎನ್ಎಸ್), 2023 ರ ಅಡಿಯಲ್ಲಿ ಆರೋಪ ಹೊರಿಸಲಾಗಿದೆ.

ಪ್ರಮುಖವಾಗಿ ದರೋಡೆ, ಅಕ್ರಮ ತಡೆ ಹಿಡಿಯುವಿಕೆ, ಸಾಕ್ಷ್ಯ ನಾಶಪಡಿಸುವುದು, ಅಪರಾಧ ಪಿತೂರಿ, ಕ್ರಿಮಿನಲ್ ವಿಶ್ವಾಸ ದ್ರೋಹ ಸೇರಿದಂತೆ ವಿವಿಧ ಸೆಕ್ಷನ್‌ಗಳ ಅಡಿಯಲ್ಲಿ ಪ್ರಕರಣ ದಾಖಲಿಸಲಾಗಿದೆ.

ಆರೋಪಗಳನ್ನು ಸಾಬೀತುಪಡಿಸಲು ತನಿಖಾ ತಂಡವು 129 ಸಾಕ್ಷ್ಯಗಳನ್ನು ಒಳಗೊಂಡ 1328 ಪುಟಗಳ ಆರೋಪಪಟ್ಟಿ ಸಿದ್ಧಪಡಿಸಿದೆ.

ಪ್ರತ್ಯಕ್ಷ ಸಾಕ್ಷಿಗಳ ಹೇಳಿಕೆಗಳು, ತಾಂತ್ರಿಕ ಸಾಕ್ಷ್ಯಗಳು, ಆರೋಪಿಗಳನ್ನು ಗುರುತಿಸಲು ನಡೆಸಲಾದ ಪರೇಡ್ ಸೇರಿದಂತೆ ಇತರ ವೈಜ್ಞಾನಿಕ ಸಾಕ್ಷ್ಯಗಳನ್ನು ಒಳಗೊಂಡಿದೆ.

ಗಂಭೀರ ಸ್ವರೂಪದ ಆರ್ಥಿಕ ಅಪರಾಧಗಳಲ್ಲಿ ತ್ವರಿತ ನ್ಯಾಯ ಒದಗಿಸಲು ಪೊಲೀಸರು ಸಮಗ್ರ ತನಿಖೆ ನಡೆಸಿದ್ದಾರೆ. ಕಾನೂನು ಪ್ರಕಾರ ಅಪರಾಧಿಗಳಿಗೆ ಶಿಕ್ಷೆ ದೊರಕುವಂತೆ ಮಾಡುವುದೇ ನಮ್ಮ ಉದ್ದೇಶ ಎಂದು ನಗರ ಪೊಲೀಸ್ ಆಯುಕ್ತರು ತಿಳಿಸಿದ್ದಾರೆ.

ಕಿತ್ತಲೆ ಹಣ್ಣು ತುಂಬಿದ್ದ ಲಾರಿ ಪಲ್ಟಿ ಲಕ್ಷಾಂತರ ನಷ್ಟ

ಬೆಂಗಳೂರು,ಫೆ.12- ನೆಲಮಂಗಲದ ಕುಣಿಗಲ್ ಗ್ರಾಮದ ಬಳಿ ಚಾಲಕನ ನಿಯಂತ್ರಣ ತಪ್ಪಿ ಕಿತ್ತಲೆ ಹಣ್ಣು ತುಂಬಿದ್ದ ಲಾರಿ ಪಲ್ಟಿಯಾಗಿ ಲಕ್ಷಾಂತರ ರೂ. ಮೌಲ್ಯದ ಹಣ್ಣು ರಸ್ತೆ ಪಾಲಾಗಿದೆ.

ನಾಗಪುರದಿಂದ ಸುಮಾರು 48 ಟನ್ ಕಿತ್ತಲೆ ಹಣ್ಣು ತುಂಬಿಕೊಂಡು ಬರುತ್ತಿದ್ದ ಲಾರಿ ಹೆದ್ದಾರಿ 48ರ ಕುಣಿಗಲ್ ಬೈಪಾಸ್ ಬಳಿ ಪಲ್ಟಿಯಾಗಿದೆ. ಈ ಘಟನೆಯಿಂದ ರಸ್ತೆಯಲ್ಲಿ ಕೆಲ ಕಾಲ ಸಂಚಾರ ಅಸ್ತವ್ಯಸ್ತಗೊಂಡಿತ್ತು.

ಲಾರಿ ಪಲ್ಟಿಯಾದ ಸ್ಥಳದಲ್ಲಿ ಭಾರೀ ಪ್ರಮಾಣದ ಕಿತ್ತಲೆ ಹಣ್ಣುಗಳು ರಸ್ತೆಯ ಮೇಲೆ ಚೆಲ್ಲಿದ್ದರಿಂದ, ಬೆಂಗಳೂರು-ತುಮಕೂರು ರಾಷ್ಟ್ರೀಯ ಹೆದ್ದಾರಿಯಲ್ಲಿ ವಾಹನ ಸಂಚಾರಕ್ಕೆ ತೀವ್ರ ಅಡಚಣೆಯುಂಟಾಯಿತು.

ನೆಲಮಂಗಲ ಸಂಚಾರ ಪೊಲೀಸರು ಸ್ಥಳಕ್ಕೆ ಧಾವಿಸಿ ಕ್ರೇನ್ ಮೂಲಕ ಲಾರಿಯನ್ನು ತೆರವುಗೊಳಿಸಿ ಸಂಚಾರ ಸುಗಮಗೊಳಿಸಿದರು.

ಪೊಲೀಸ್ ಪೇದೆ ವಿಷ ಸೇವಿಸಿ ಆತ್ಮಹತ್ಯೆ

ಕೊಡಗು,ಫೆ.12-ಕರ್ತವ್ಯಕ್ಕೆ ಗೈರು ಹಾಜರಾಗಿದ್ದ ಪೊಲೀಸ್ ಪೇದೆಯೊಬ್ಬರು ವಿಷ ಸೇವಿಸಿ ಆತ್ಮಹತ್ಯೆಗೆ ಶರಣಾಗಿರುವ ದಾರುಣ ಘಟನೆ ಮಡಿಕೇರಿಯಲ್ಲಿ ನಡೆದಿದೆ.

ಕಳೆದ ಹತ್ತು ದಿನಗಳಿಂದ ಸಾವು-ಬದುಕಿನೊಂದಿಗೆ ಹೋರಾಡುತ್ತಿದ್ದ ಪೇದೆ ಸಂದೀಪ್ ರೈ (42) ಚಿಕಿತ್ಸೆ ಫಲಿಸದೆ ಆಸ್ಪತ್ರೆಯಲ್ಲಿ ಕೊನೆಯುಸಿರೆಳೆದಿದ್ದಾರೆ. ಕುಶಾಲನಗರ ಪೊಲೀಸ್ ಠಾಣೆಯಲ್ಲಿ ಕರ್ತವ್ಯ ನಿರ್ವಹಿಸುತ್ತಿದ್ದರು.

ಅನುಮಾನಗಳು ಮೂಡಿವೆ. ಕಳೆದ ಕೆಲ ತಿಂಗಳಿಂದ ಸಂದೀಪ್ ರೈ ಕರ್ತವ್ಯಕ್ಕೆ ಗೈರುಹಾಜರಾಗುತ್ತಿದ್ದರು. ಮಾನಸಿಕ ಒತ್ತಡ ಅಥವಾ ವೈಯಕ್ತಿಕ ಕಾರಣಗಳಿಂದ ಈ ಕೃತ್ಯ ಎಸಗಿರಬಹುದು ಎನ್ನಲಾಗಿದೆ. ಗಂಭೀರ ಸ್ಥಿತಿಯಲ್ಲಿದ್ದ ಸಂದೀಪ್ ರೈ ಅವರನ್ನು ಹೆಚ್ಚಿನ ಚಿಕಿತ್ಸೆಗೆ ಮಂಗಳೂರಿನ ಆಸ್ಪತ್ರೆಗೆ ದಾಖಲಿಸಲಾಗಿತ್ತು. ಆದರೆ ನಿನ್ನೆ ರಾತ್ರಿ ಚಿಕಿತ್ಸೆ ಫಲಕಾರಿಯಾಗದೆ ಸಾವನ್ನಪ್ಪಿದ್ದಾರೆ.

Sanjevani - Printed and Published by B.T.Amuthan on behalf of M/s Karnataka News Publications (P) Ltd. Printed at Dinasudar Printing Division, 11/2, Queen's Road, Bangalore, Karnataka - 560052.
Published at M/s Karnataka News Publications (P) Ltd. 11/2, Queen's Road, Bangalore, Karnataka - 560052. Editor: B.T. Amuthan. RNI No 36667/82
